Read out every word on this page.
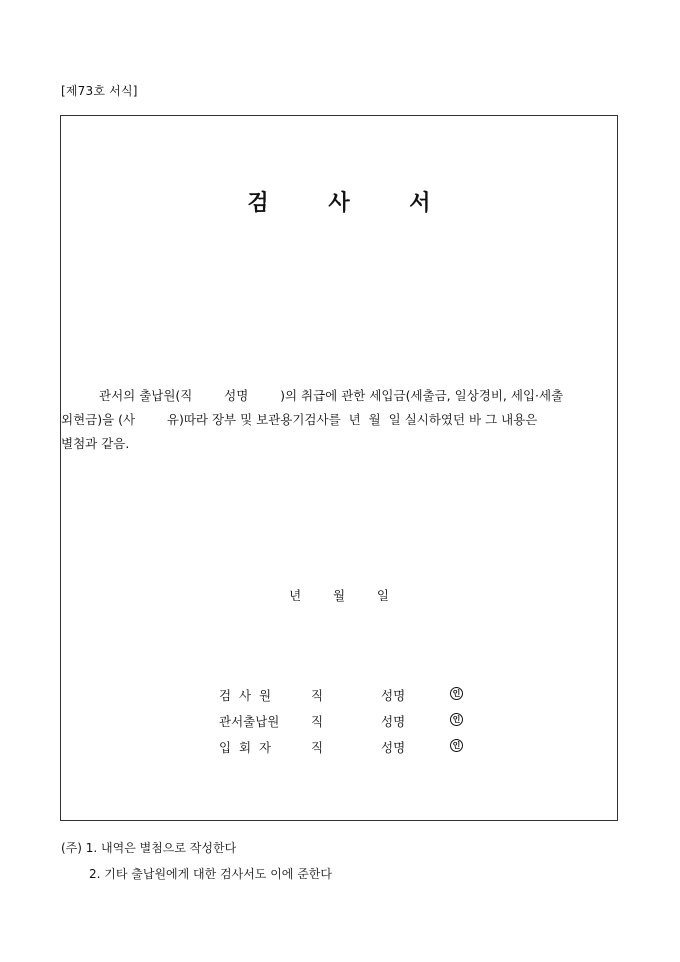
[제73호 서식]
검	사	서
관서의 출납원(직        성명        )의 취급에 관한 세입금(세출금, 일상경비, 세입·세출
외현금)을 (사        유)따라 장부 및 보관용기검사를  년  월  일 실시하였던 바 그 내용은
별첨과 같음.
년        월        일
검  사  원	직	성명	인
관서출납원	직	성명	인
입  회  자	직	성명	인
(주) 1. 내역은 별첨으로 작성한다
2. 기타 출납원에게 대한 검사서도 이에 준한다
